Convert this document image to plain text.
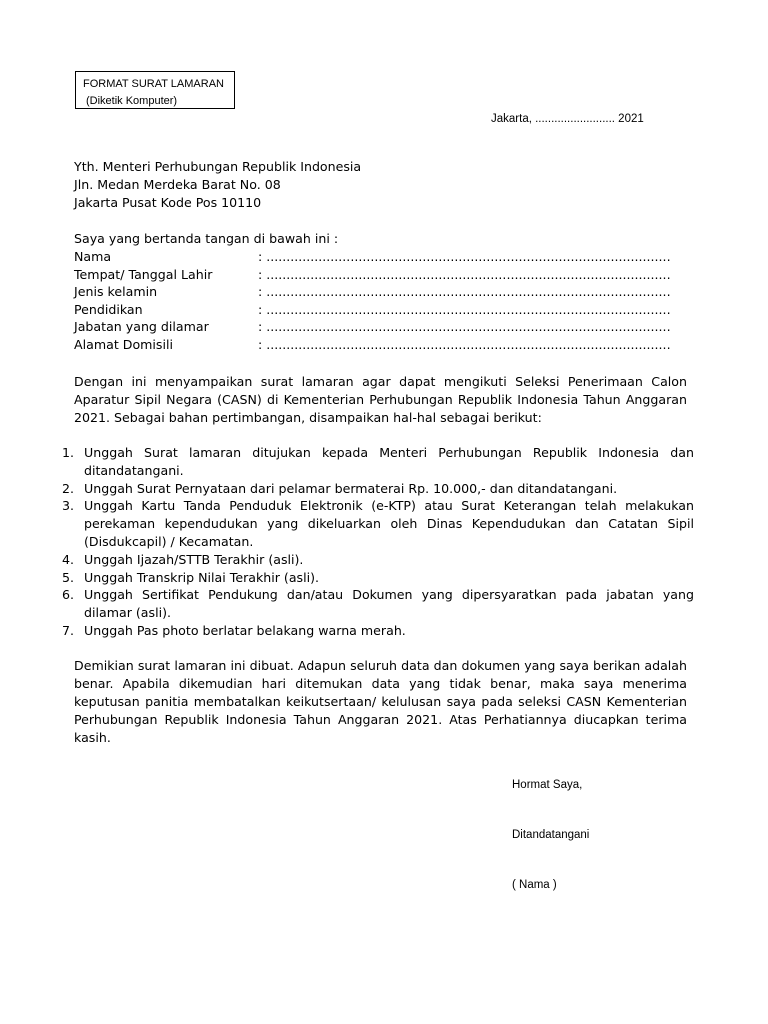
FORMAT SURAT LAMARAN
(Diketik Komputer)
Jakarta, ......................... 2021
Yth. Menteri Perhubungan Republik Indonesia
Jln. Medan Merdeka Barat No. 08
Jakarta Pusat Kode Pos 10110
Saya yang bertanda tangan di bawah ini :
Nama	: .....................................................................................................
Tempat/ Tanggal Lahir	: .....................................................................................................
Jenis kelamin	: .....................................................................................................
Pendidikan	: .....................................................................................................
Jabatan yang dilamar	: .....................................................................................................
Alamat Domisili	: .....................................................................................................
Dengan ini menyampaikan surat lamaran agar dapat mengikuti Seleksi Penerimaan Calon Aparatur Sipil Negara (CASN) di Kementerian Perhubungan Republik Indonesia Tahun Anggaran 2021. Sebagai bahan pertimbangan, disampaikan hal-hal sebagai berikut:
1. Unggah Surat lamaran ditujukan kepada Menteri Perhubungan Republik Indonesia dan ditandatangani.
2. Unggah Surat Pernyataan dari pelamar bermaterai Rp. 10.000,- dan ditandatangani.
3. Unggah Kartu Tanda Penduduk Elektronik (e-KTP) atau Surat Keterangan telah melakukan perekaman kependudukan yang dikeluarkan oleh Dinas Kependudukan dan Catatan Sipil (Disdukcapil) / Kecamatan.
4. Unggah Ijazah/STTB Terakhir (asli).
5. Unggah Transkrip Nilai Terakhir (asli).
6. Unggah Sertifikat Pendukung dan/atau Dokumen yang dipersyaratkan pada jabatan yang dilamar (asli).
7. Unggah Pas photo berlatar belakang warna merah.
Demikian surat lamaran ini dibuat. Adapun seluruh data dan dokumen yang saya berikan adalah benar. Apabila dikemudian hari ditemukan data yang tidak benar, maka saya menerima keputusan panitia membatalkan keikutsertaan/ kelulusan saya pada seleksi CASN Kementerian Perhubungan Republik Indonesia Tahun Anggaran 2021. Atas Perhatiannya diucapkan terima kasih.
Hormat Saya,
Ditandatangani
( Nama )
